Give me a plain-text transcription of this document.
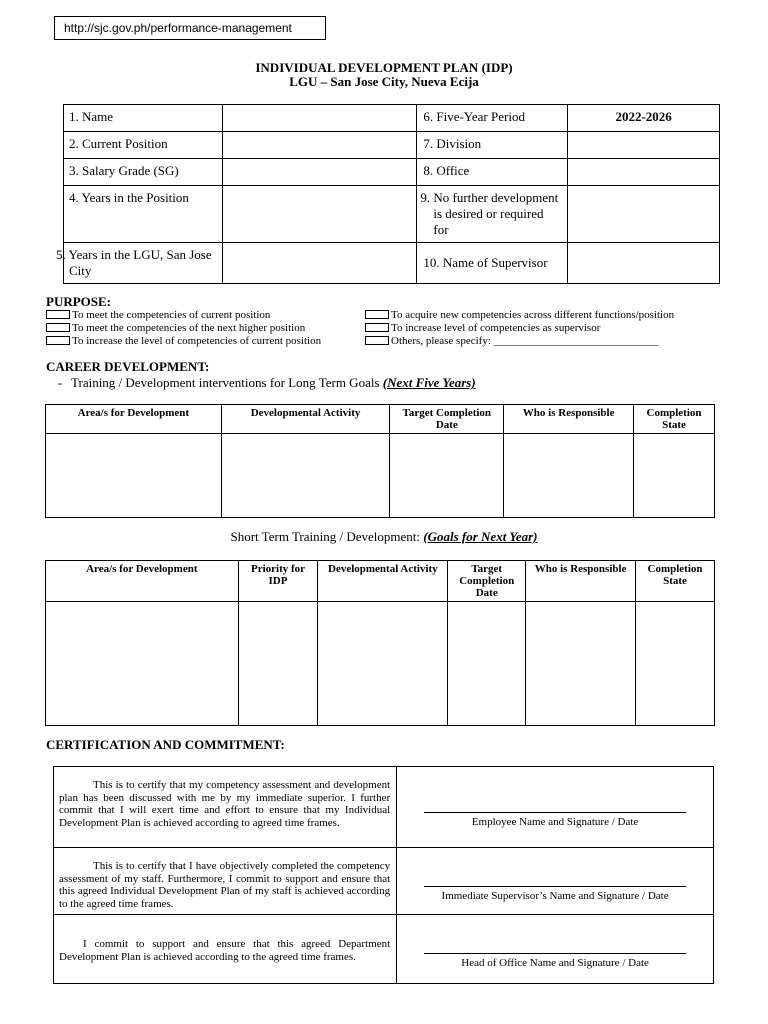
http://sjc.gov.ph/performance-management
INDIVIDUAL DEVELOPMENT PLAN (IDP)
LGU – San Jose City, Nueva Ecija
1. Name		6. Five-Year Period	2022-2026
2. Current Position		7. Division	
3. Salary Grade (SG)		8. Office	
4. Years in the Position		9. No further development is desired or required for	
5. Years in the LGU, San Jose City		10. Name of Supervisor	
PURPOSE:
To meet the competencies of current position
To meet the competencies of the next higher position
To increase the level of competencies of current position
To acquire new competencies across different functions/position
To increase level of competencies as supervisor
Others, please specify: ______________________________
CAREER DEVELOPMENT:
- Training / Development interventions for Long Term Goals (Next Five Years)
Area/s for Development	Developmental Activity	Target Completion Date	Who is Responsible	Completion State

Short Term Training / Development: (Goals for Next Year)
Area/s for Development	Priority for IDP	Developmental Activity	Target Completion Date	Who is Responsible	Completion State

CERTIFICATION AND COMMITMENT:
This is to certify that my competency assessment and development plan has been discussed with me by my immediate superior. I further commit that I will exert time and effort to ensure that my Individual Development Plan is achieved according to agreed time frames.	Employee Name and Signature / Date

This is to certify that I have objectively completed the competency assessment of my staff. Furthermore, I commit to support and ensure that this agreed Individual Development Plan of my staff is achieved according to the agreed time frames.	Immediate Supervisor’s Name and Signature / Date

I commit to support and ensure that this agreed Department Development Plan is achieved according to the agreed time frames.	Head of Office Name and Signature / Date
